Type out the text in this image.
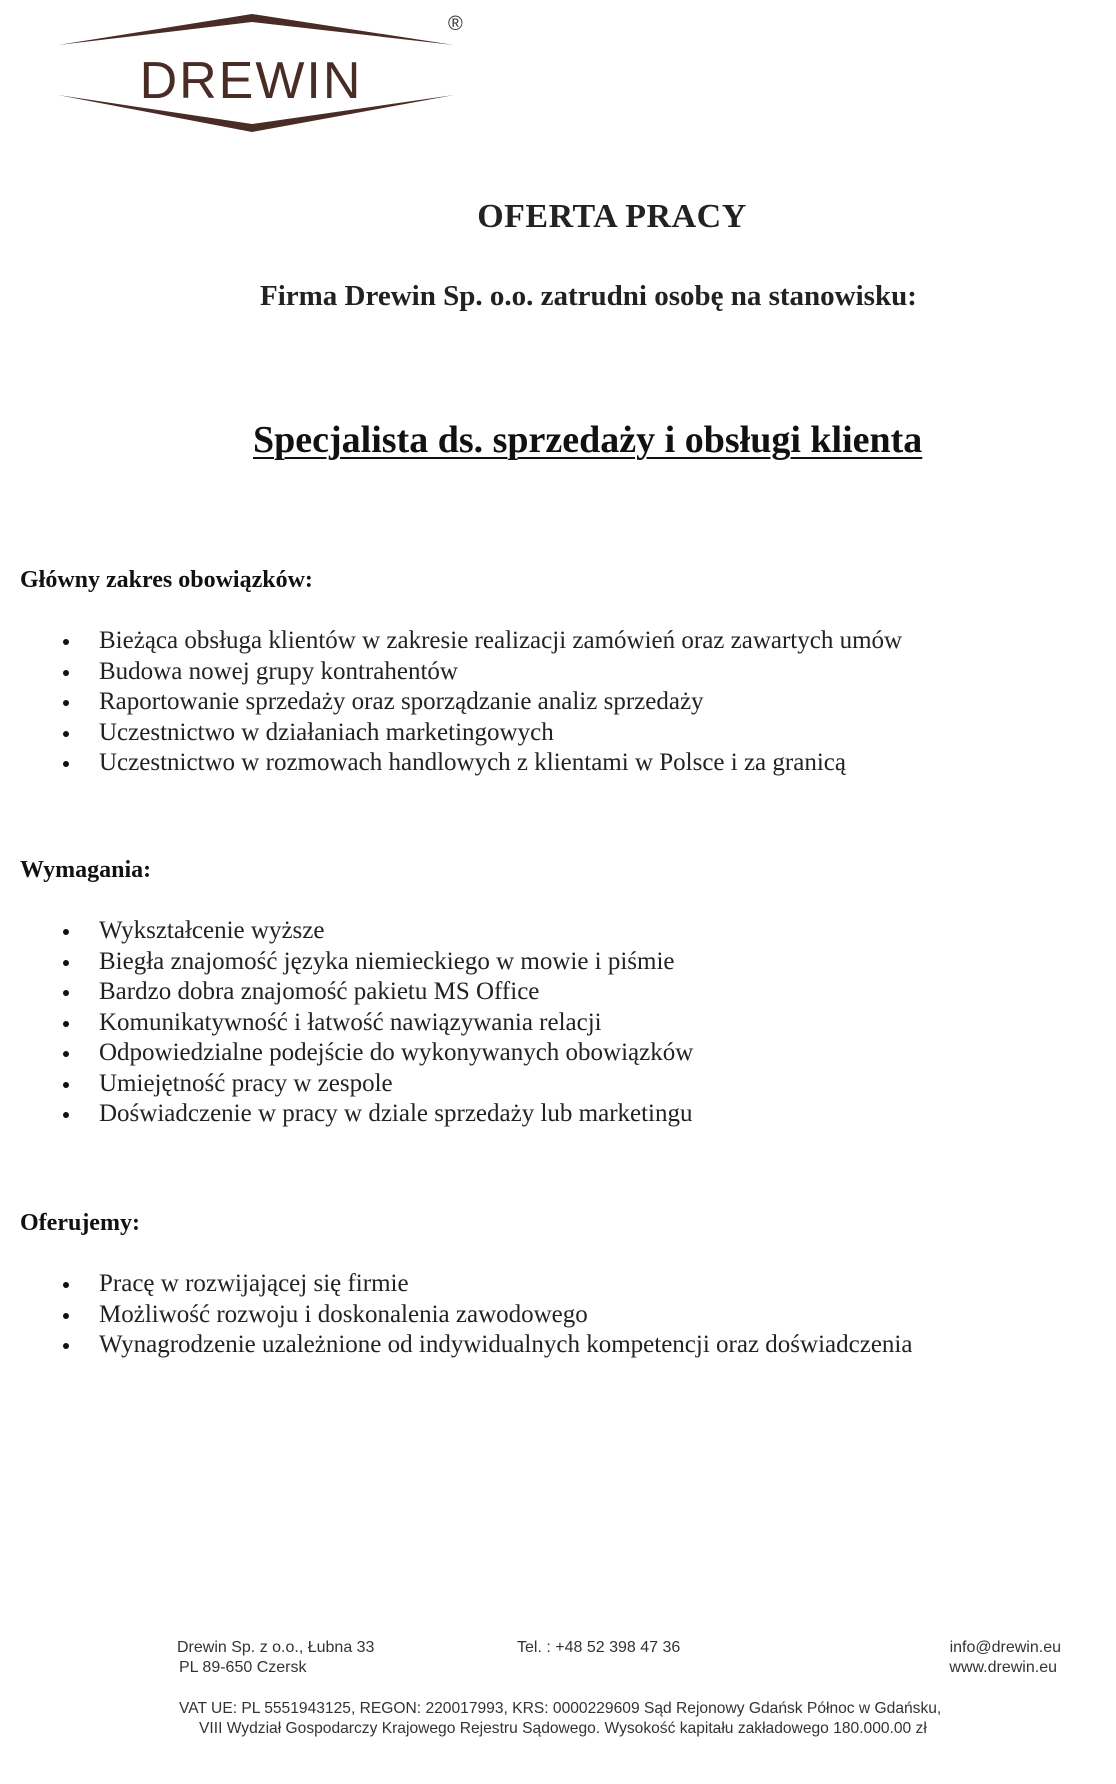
DREWIN
®
OFERTA PRACY
Firma Drewin Sp. o.o. zatrudni osobę na stanowisku:
Specjalista ds. sprzedaży i obsługi klienta
Główny zakres obowiązków:
Bieżąca obsługa klientów w zakresie realizacji zamówień oraz zawartych umów
Budowa nowej grupy kontrahentów
Raportowanie sprzedaży oraz sporządzanie analiz sprzedaży
Uczestnictwo w działaniach marketingowych
Uczestnictwo w rozmowach handlowych z klientami w Polsce i za granicą
Wymagania:
Wykształcenie wyższe
Biegła znajomość języka niemieckiego w mowie i piśmie
Bardzo dobra znajomość pakietu MS Office
Komunikatywność i łatwość nawiązywania relacji
Odpowiedzialne podejście do wykonywanych obowiązków
Umiejętność pracy w zespole
Doświadczenie w pracy w dziale sprzedaży lub marketingu
Oferujemy:
Pracę w rozwijającej się firmie
Możliwość rozwoju i doskonalenia zawodowego
Wynagrodzenie uzależnione od indywidualnych kompetencji oraz doświadczenia
Drewin Sp. z o.o., Łubna 33
PL 89-650 Czersk
Tel. : +48 52 398 47 36	info@drewin.eu
www.drewin.eu
VAT UE: PL 5551943125, REGON: 220017993, KRS: 0000229609 Sąd Rejonowy Gdańsk Północ w Gdańsku,
VIII Wydział Gospodarczy Krajowego Rejestru Sądowego. Wysokość kapitału zakładowego 180.000.00 zł
